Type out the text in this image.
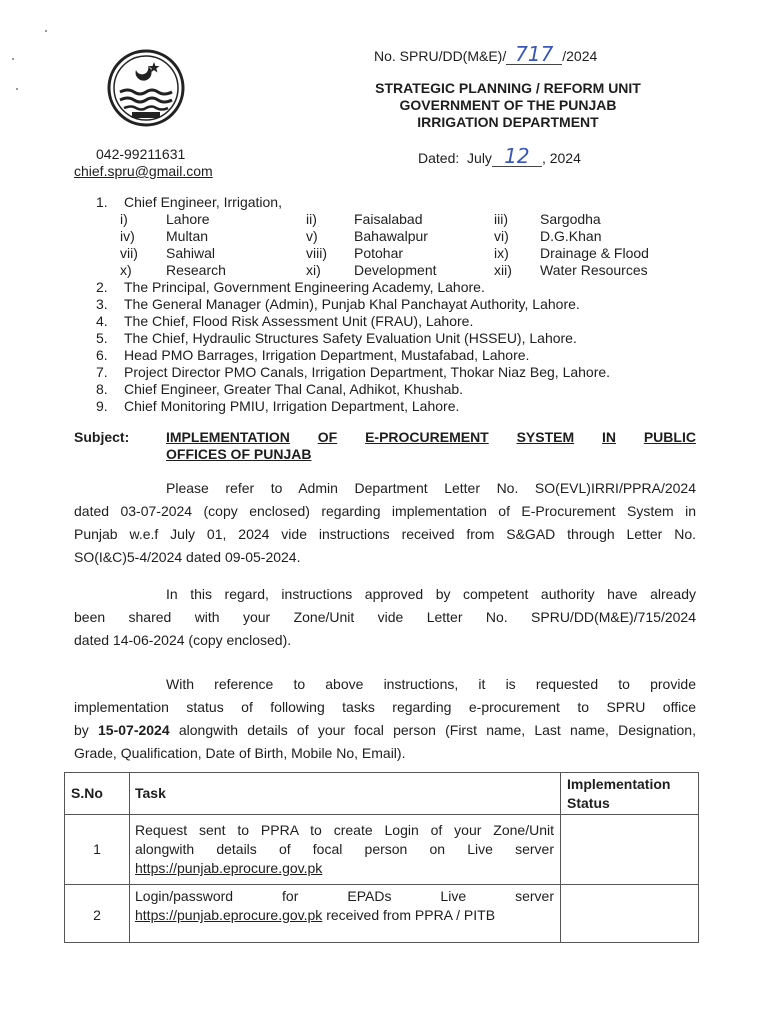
No. SPRU/DD(M&E)/ 717 /2024
STRATEGIC PLANNING / REFORM UNIT
GOVERNMENT OF THE PUNJAB
IRRIGATION DEPARTMENT
042-99211631
chief.spru@gmail.com
Dated: July 12 , 2024
1.	Chief Engineer, Irrigation,
i)	Lahore	ii)	Faisalabad	iii) Sargodha
iv) Multan	v)	Bahawalpur	vi) D.G.Khan
vii) Sahiwal	viii) Potohar	ix) Drainage & Flood
x) Research	xi) Development	xii) Water Resources
2.	The Principal, Government Engineering Academy, Lahore.
3.	The General Manager (Admin), Punjab Khal Panchayat Authority, Lahore.
4.	The Chief, Flood Risk Assessment Unit (FRAU), Lahore.
5.	The Chief, Hydraulic Structures Safety Evaluation Unit (HSSEU), Lahore.
6.	Head PMO Barrages, Irrigation Department, Mustafabad, Lahore.
7.	Project Director PMO Canals, Irrigation Department, Thokar Niaz Beg, Lahore.
8.	Chief Engineer, Greater Thal Canal, Adhikot, Khushab.
9.	Chief Monitoring PMIU, Irrigation Department, Lahore.
Subject:	IMPLEMENTATION OF E-PROCUREMENT SYSTEM IN PUBLIC
OFFICES OF PUNJAB
Please refer to Admin Department Letter No. SO(EVL)IRRI/PPRA/2024
dated 03-07-2024 (copy enclosed) regarding implementation of E-Procurement System in
Punjab w.e.f July 01, 2024 vide instructions received from S&GAD through Letter No.
SO(I&C)5-4/2024 dated 09-05-2024.
In this regard, instructions approved by competent authority have already
been shared with your Zone/Unit vide Letter No. SPRU/DD(M&E)/715/2024
dated 14-06-2024 (copy enclosed).
With reference to above instructions, it is requested to provide
implementation status of following tasks regarding e-procurement to SPRU office
by 15-07-2024 alongwith details of your focal person (First name, Last name, Designation,
Grade, Qualification, Date of Birth, Mobile No, Email).
S.No	Task	Implementation Status
1	Request sent to PPRA to create Login of your Zone/Unit
alongwith details of focal person on Live server
https://punjab.eprocure.gov.pk	
2	Login/password for EPADs Live server
https://punjab.eprocure.gov.pk received from PPRA / PITB	
